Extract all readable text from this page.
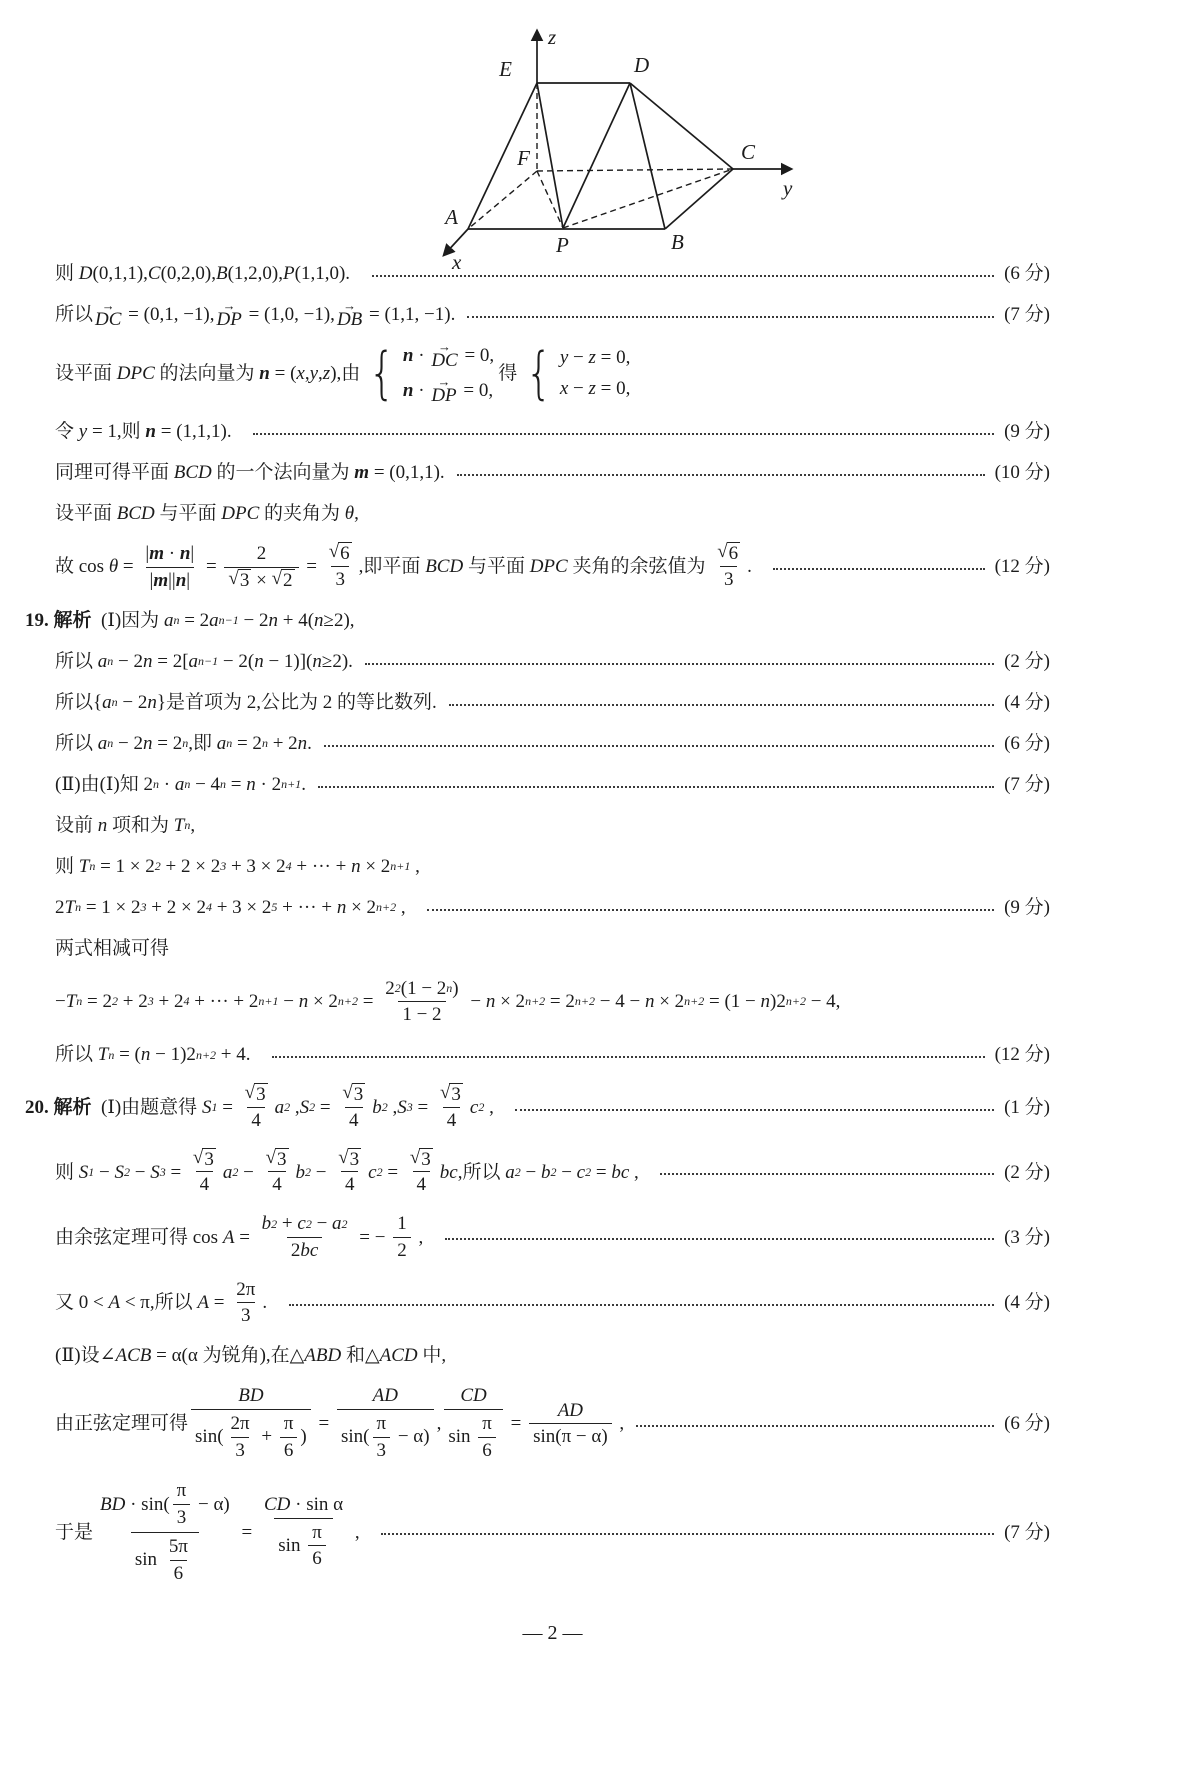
E	D
C
F
A
P	B
z
y
x
则 D (0,1,1), C (0,2,0), B (1,2,0), P (1,1,0).	(6 分)
所以 →
DC = (0,1, −1), →
DP = (1,0, −1), →
DB = (1,1, −1).	(7 分)
设平面 DPC 的法向量为 n = ( x , y , z ),由 { n · →
DC = 0,
n · →
DP = 0,
得 { y − z = 0,
x − z = 0,
令 y = 1,则 n = (1,1,1).	(9 分)
同理可得平面 BCD 的一个法向量为 m = (0,1,1).	(10 分)
设平面 BCD 与平面 DPC 的夹角为 θ ,
故 $\cos \theta = \frac{| m \cdot n |}{| m || n |} = \frac{2}{√ 3 \times √ 2} = \frac{√ 6}{3}$ ,即平面 BCD 与平面 DPC 夹角的余弦值为 $\frac{√ 6}{3}$ .	(12 分)
19. 解析 (Ⅰ)因为 a n = 2 a n−1 − 2 n + 4( n ≥2),
所以 a n − 2 n = 2[ a n−1 − 2( n − 1)]( n ≥2).	(2 分)
所以{ a n − 2 n }是首项为 2,公比为 2 的等比数列.	(4 分)
所以 a n − 2 n = 2 n ,即 a n = 2 n + 2 n .	(6 分)
(Ⅱ)由(Ⅰ)知 2 n · a n − 4 n = n · 2 n+1 .	(7 分)
设前 n 项和为 T n ,
则 T n = 1 × 2 2 + 2 × 2 3 + 3 × 2 4 + ··· + n × 2 n+1 ,
2 T n = 1 × 2 3 + 2 × 2 4 + 3 × 2 5 + ··· + n × 2 n+2 ,	(9 分)
两式相减可得
− T n = 2 2 + 2 3 + 2 4 + ··· + 2 n+1 − n × 2 $n+2 = \frac{2 2 (1 - 2 n )}{1 - 2} - n \times 2$ n+2 = 2 n+2 − 4 − n × 2 n+2 = (1 − n )2 n+2 − 4,
所以 T n = ( n − 1)2 n+2 + 4.	(12 分)
20. 解析 (Ⅰ)由题意得 S $1 = \frac{√ 3}{4}$ a 2 , S $2 = \frac{√ 3}{4}$ b 2 , S $3 = \frac{√ 3}{4}$ c 2 ,	(1 分)
则 S 1 − S 2 − S $3 = \frac{√ 3}{4}$ a $2 - \frac{√ 3}{4}$ b $2 - \frac{√ 3}{4}$ c $2 = \frac{√ 3}{4}$ bc ,所以 a 2 − b 2 − c 2 = bc ,	(2 分)
由余弦定理可得 $\cos A = \frac{b 2 + c 2 - a 2}{2 bc}$ = − $\frac{1}{2}$ ,	(3 分)
又 0 < A < π,所以 $A = \frac{2\pi}{3}$ .	(4 分)
(Ⅱ)设∠ ACB = α(α 为锐角),在△ ABD 和△ ACD 中,
由正弦定理可得 $\frac{BD}{\sin( \frac{2\pi}{3} + \frac{\pi}{6} )} = \frac{AD}{\sin( \frac{\pi}{3} - \alpha)}$ , $\frac{CD}{\sin \frac{\pi}{6}} = \frac{AD}{\sin(\pi - \alpha)}$ ,	(6 分)
于是 $\frac{BD \cdot \sin( \frac{\pi}{3} - \alpha)}{\sin \frac{5\pi}{6}} = \frac{\text{CD · sin α}}{\sin \frac{\pi}{6}}$ ,	(7 分)
— 2 —
